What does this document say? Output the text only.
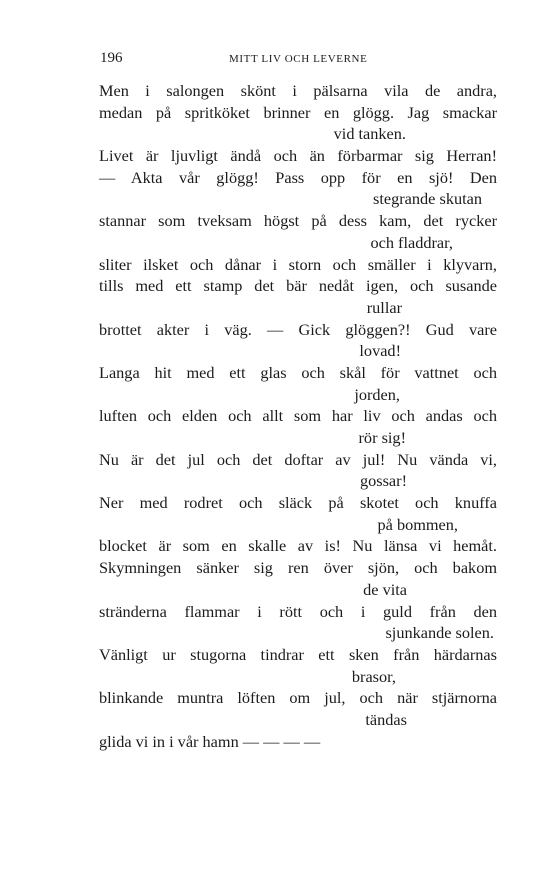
196	MITT LIV OCH LEVERNE
Men i salongen skönt i pälsarna vila de andra,
medan på spritköket brinner en glögg. Jag smackar
vid tanken.
Livet är ljuvligt ändå och än förbarmar sig Herran!
— Akta vår glögg! Pass opp för en sjö! Den
stegrande skutan
stannar som tveksam högst på dess kam, det rycker
och fladdrar,
sliter ilsket och dånar i storn och smäller i klyvarn,
tills med ett stamp det bär nedåt igen, och susande
rullar
brottet akter i väg. — Gick glöggen?! Gud vare
lovad!
Langa hit med ett glas och skål för vattnet och
jorden,
luften och elden och allt som har liv och andas och
rör sig!
Nu är det jul och det doftar av jul! Nu vända vi,
gossar!
Ner med rodret och släck på skotet och knuffa
på bommen,
blocket är som en skalle av is! Nu länsa vi hemåt.
Skymningen sänker sig ren över sjön, och bakom
de vita
stränderna flammar i rött och i guld från den
sjunkande solen.
Vänligt ur stugorna tindrar ett sken från härdarnas
brasor,
blinkande muntra löften om jul, och när stjärnorna
tändas
glida vi in i vår hamn — — — —
